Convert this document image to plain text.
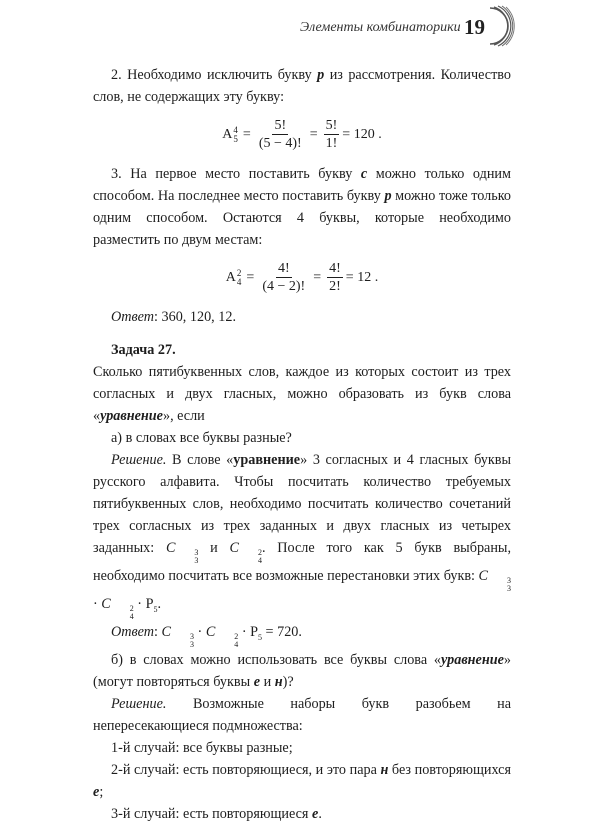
Элементы комбинаторики 19

2. Необходимо исключить букву р из рассмотрения. Количество слов, не содержащих эту букву:

A 4
$5 = \frac{5!}{(5 - 4)!} = \frac{5!}{1!} = 120$ .

3. На первое место поставить букву с можно только одним способом. На последнее место поставить букву р можно тоже только одним способом. Остаются 4 буквы, которые необходимо разместить по двум местам:

A 2
$4 = \frac{4!}{(4 - 2)!} = \frac{4!}{2!} = 12$ .

Ответ: 360, 120, 12.

Задача 27.

Сколько пятибуквенных слов, каждое из которых состоит из трех согласных и двух гласных, можно образовать из букв слова «уравнение», если

а) в словах все буквы разные?

Решение. В слове «уравнение» 3 согласных и 4 гласных буквы русского алфавита. Чтобы посчитать количество требуемых пятибуквенных слов, необходимо посчитать количество сочетаний трех согласных из трех заданных и двух гласных из четырех заданных: C	3
3
и C	2
4
. После того как 5 букв выбраны, необходимо посчитать все возможные перестановки этих букв: C	3
3
· C	2
4
· $P_5$.

Ответ: C	3
3
· C	2
4
· $P_5 = 720$.

б) в словах можно использовать все буквы слова «уравнение» (могут повторяться буквы е и н)?

Решение. Возможные наборы букв разобьем на непересекающиеся подмножества:

1-й случай: все буквы разные;

2-й случай: есть повторяющиеся, и это пара н без повторяющихся е;

3-й случай: есть повторяющиеся е.
